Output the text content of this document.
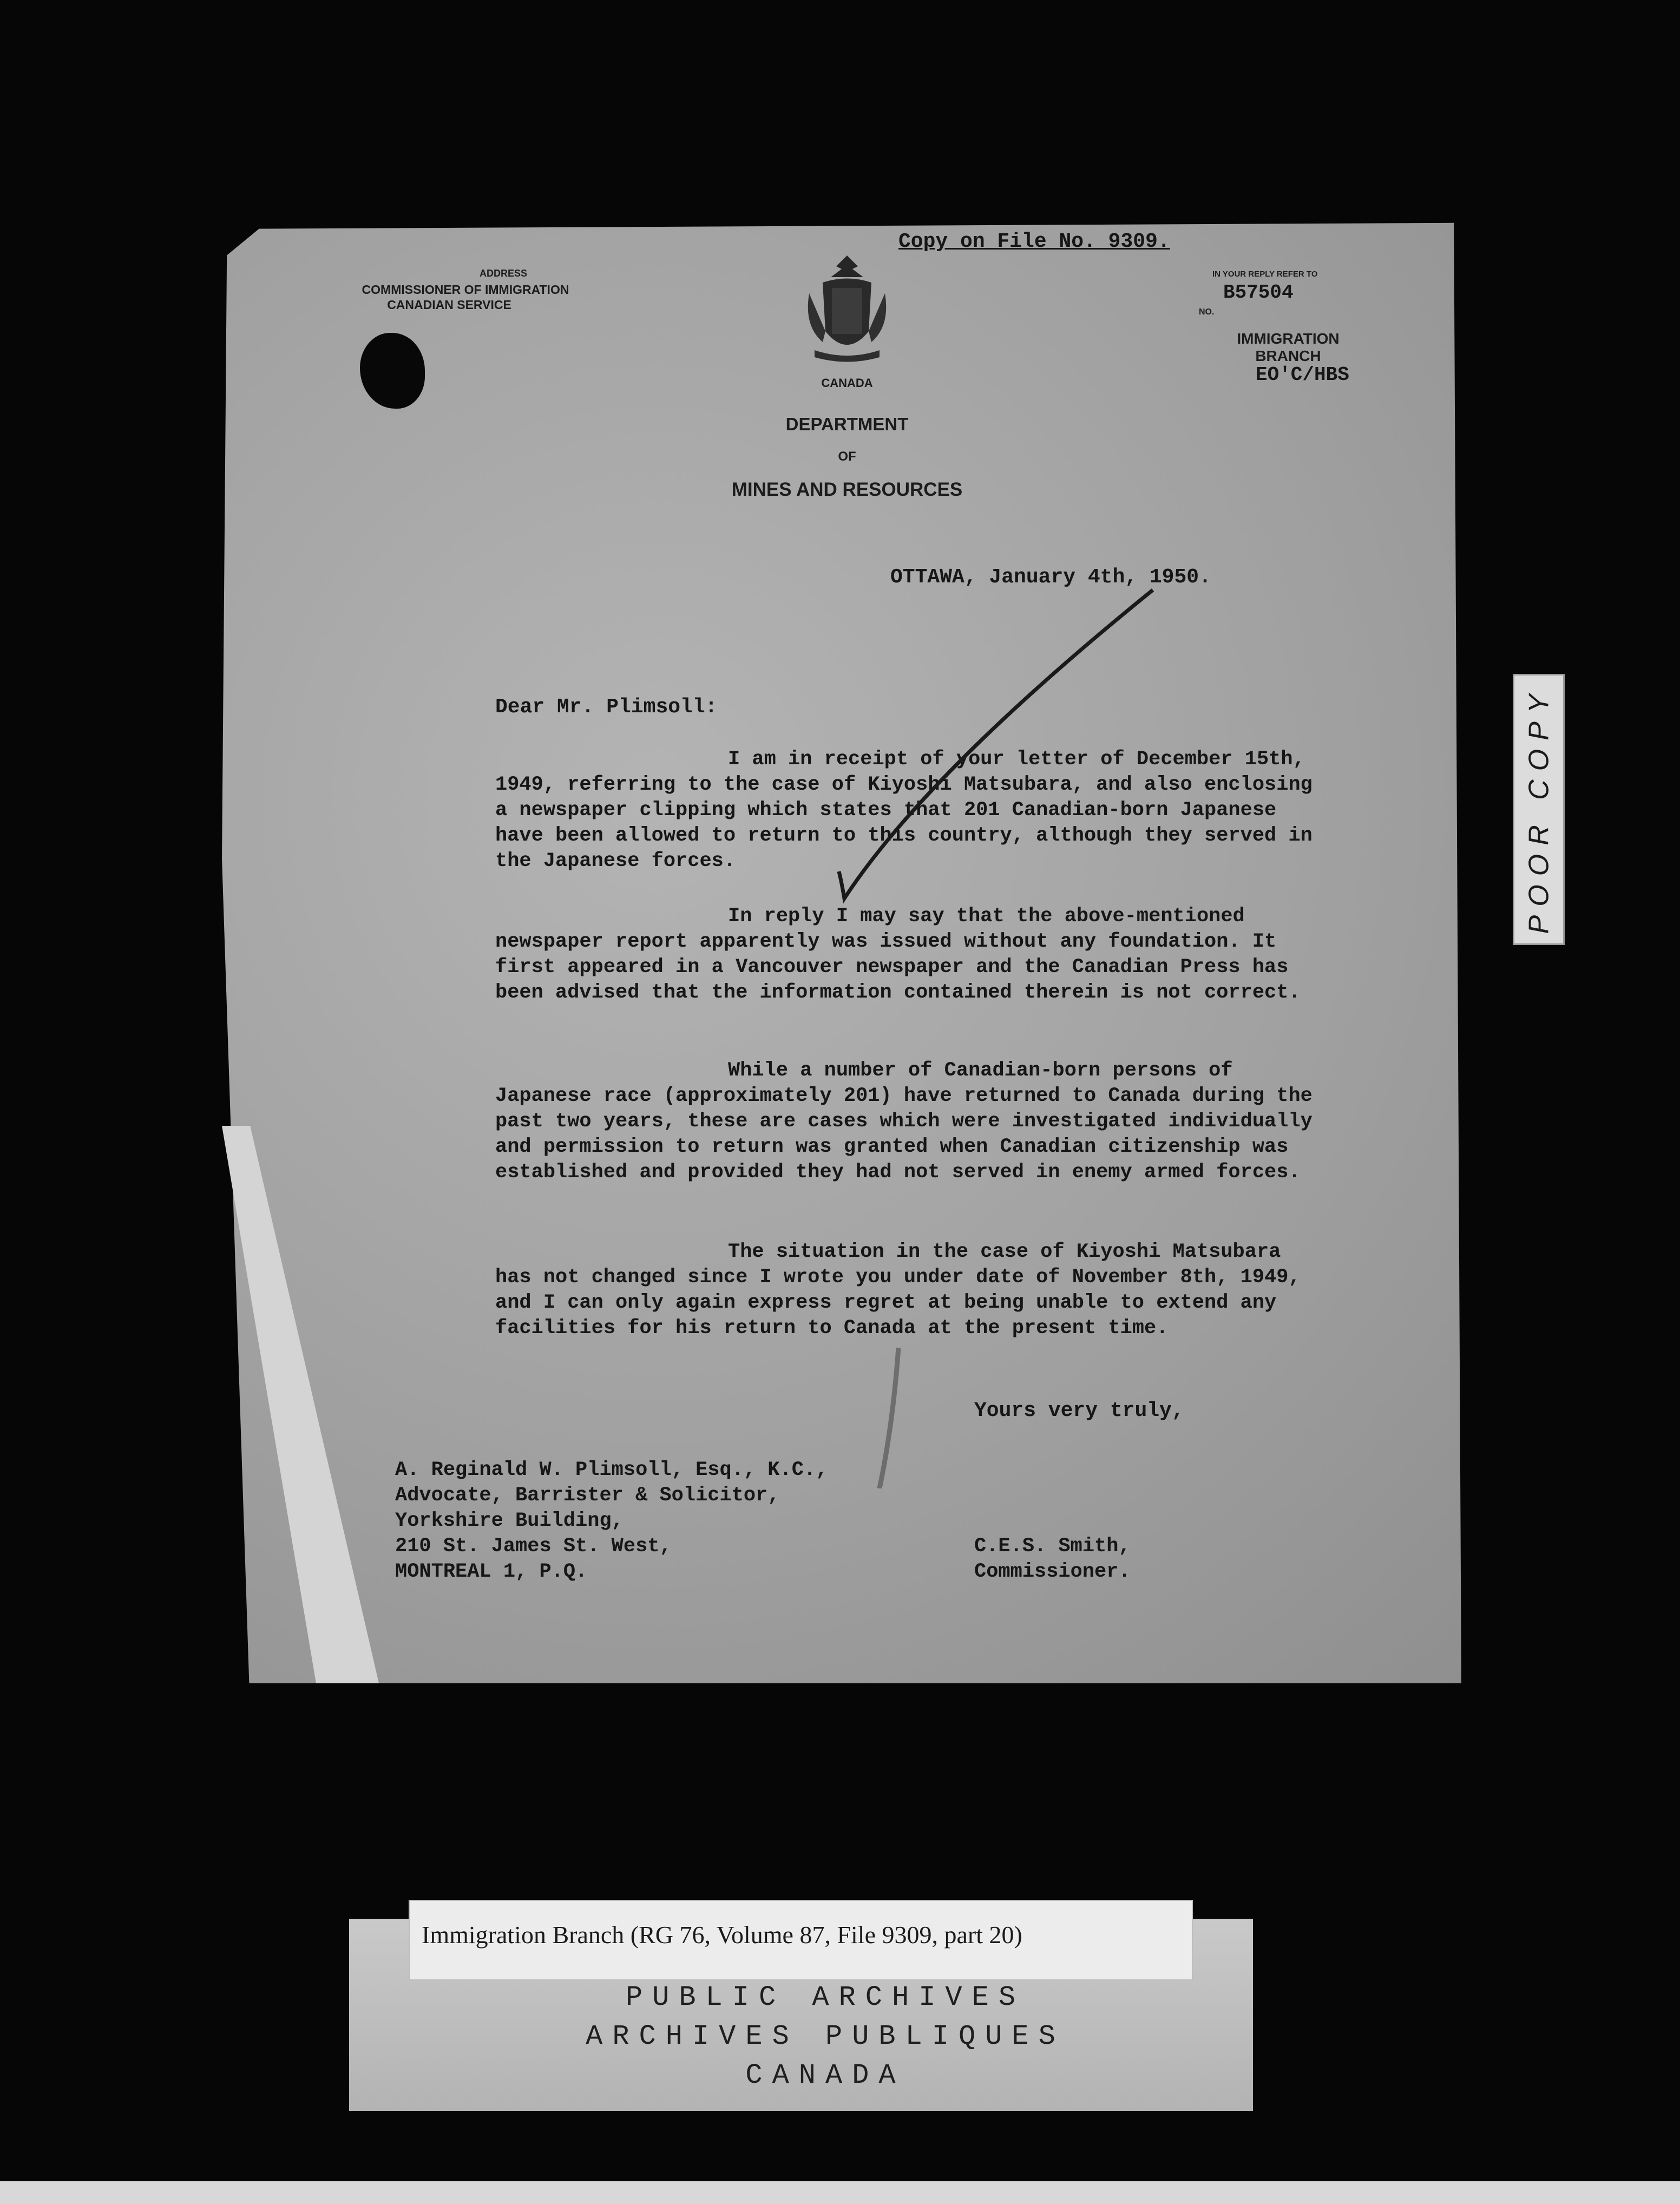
ADDRESS
COMMISSIONER OF IMMIGRATION
CANADIAN SERVICE
CANADA
DEPARTMENT
OF
MINES AND RESOURCES
Copy on File No. 9309.
IN YOUR REPLY REFER TO
B57504
NO.
IMMIGRATION
BRANCH
EO'C/HBS
OTTAWA, January 4th, 1950.
Dear Mr. Plimsoll:

I am in receipt of your letter of December 15th, 1949, referring to the case of Kiyoshi Matsubara, and also enclosing a newspaper clipping which states that 201 Canadian-born Japanese have been allowed to return to this country, although they served in the Japanese forces.

In reply I may say that the above-mentioned newspaper report apparently was issued without any foundation. It first appeared in a Vancouver newspaper and the Canadian Press has been advised that the information contained therein is not correct.

While a number of Canadian-born persons of Japanese race (approximately 201) have returned to Canada during the past two years, these are cases which were investigated individually and permission to return was granted when Canadian citizenship was established and provided they had not served in enemy armed forces.

The situation in the case of Kiyoshi Matsubara has not changed since I wrote you under date of November 8th, 1949, and I can only again express regret at being unable to extend any facilities for his return to Canada at the present time.

Yours very truly,
A. Reginald W. Plimsoll, Esq., K.C.,
Advocate, Barrister & Solicitor,
Yorkshire Building,
210 St. James St. West,
MONTREAL 1, P.Q.
C.E.S. Smith,
Commissioner.
POOR COPY
Immigration Branch (RG 76, Volume 87, File 9309, part 20)
PUBLIC ARCHIVES
ARCHIVES PUBLIQUES
CANADA
